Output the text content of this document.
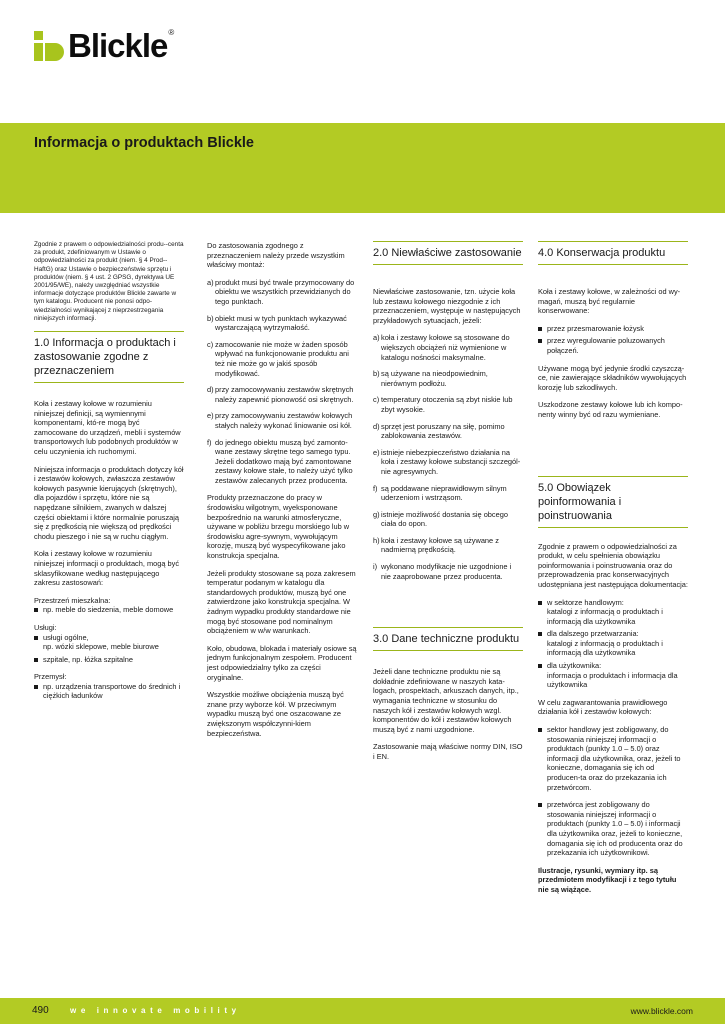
Blickle ®
Informacja o produktach Blickle

Zgodnie z prawem o odpowiedzialności produ--centa za produkt, zdefiniowanym w Ustawie o odpowiedzialności za produkt (niem. § 4 Prod--HaftG) oraz Ustawie o bezpieczeństwie sprzętu i produktów (niem. § 4 ust. 2 GPSG, dyrektywa UE 2001/95/WE), należy uwzględniać wszystkie informacje dotyczące produktów Blickle zawarte w tym katalogu. Producent nie ponosi odpo-wiedzialności wynikającej z nieprzestrzegania niniejszych informacji.

1.0 Informacja o produktach i zastosowanie zgodne z przeznaczeniem

Koła i zestawy kołowe w rozumieniu niniejszej definicji, są wymiennymi komponentami, któ-re mogą być zamocowane do urządzeń, mebli i systemów transportowych lub podobnych produktów w celu uczynienia ich ruchomymi.

Niniejsza informacja o produktach dotyczy kół i zestawów kołowych, zwłaszcza zestawów kołowych pasywnie kierujących (skrętnych), dla pojazdów i sprzętu, które nie są napędzane silnikiem, zwanych w dalszej części obiektami i które normalnie poruszają się z prędkością nie większą od prędkości chodu pieszego i nie są w ruchu ciągłym.

Koła i zestawy kołowe w rozumieniu niniejszej informacji o produktach, mogą być sklasyfikowane według następującego zakresu zastosowań:

Przestrzeń mieszkalna:
np. meble do siedzenia, meble domowe
Usługi:
usługi ogólne,
np. wózki sklepowe, meble biurowe
szpitale, np. łóżka szpitalne
Przemysł:
np. urządzenia transportowe do średnich i ciężkich ładunków

Do zastosowania zgodnego z przeznaczeniem należy przede wszystkim właściwy montaż:

a) produkt musi być trwale przymocowany do obiektu we wszystkich przewidzianych do tego punktach.
b) obiekt musi w tych punktach wykazywać wystarczającą wytrzymałość.
c) zamocowanie nie może w żaden sposób wpływać na funkcjonowanie produktu ani też nie może go w jakiś sposób modyfikować.
d) przy zamocowywaniu zestawów skrętnych należy zapewnić pionowość osi skrętnych.
e) przy zamocowywaniu zestawów kołowych stałych należy wykonać liniowanie osi kół.
f) do jednego obiektu muszą być zamonto-wane zestawy skrętne tego samego typu. Jeżeli dodatkowo mają być zamontowane zestawy kołowe stałe, to należy użyć tylko zestawów zalecanych przez producenta.

Produkty przeznaczone do pracy w środowisku wilgotnym, wyeksponowane bezpośrednio na warunki atmosferyczne, używane w pobliżu brzegu morskiego lub w środowisku agre-sywnym, wywołującym korozję, muszą być wyspecyfikowane jako konstrukcja specjalna.

Jeżeli produkty stosowane są poza zakresem temperatur podanym w katalogu dla standardowych produktów, muszą być one zatwierdzone jako konstrukcja specjalna. W żadnym wypadku produkty standardowe nie mogą być stosowane pod nominalnym obciążeniem w w/w warunkach.

Koło, obudowa, blokada i materiały osiowe są jednym funkcjonalnym zespołem. Producent jest odpowiedzialny tylko za części oryginalne.

Wszystkie możliwe obciążenia muszą być znane przy wyborze kół. W przeciwnym wypadku muszą być one oszacowane ze zwiększonym współczynni-kiem bezpieczeństwa.

2.0 Niewłaściwe zastosowanie

Niewłaściwe zastosowanie, tzn. użycie koła lub zestawu kołowego niezgodnie z ich przeznaczeniem, występuje w następujących przykładowych sytuacjach, jeżeli:

a) koła i zestawy kołowe są stosowane do większych obciążeń niż wymienione w katalogu nośności maksymalne.
b) są używane na nieodpowiednim, nierównym podłożu.
c) temperatury otoczenia są zbyt niskie lub zbyt wysokie.
d) sprzęt jest poruszany na siłę, pomimo zablokowania zestawów.
e) istnieje niebezpieczeństwo działania na koła i zestawy kołowe substancji szczegól-nie agresywnych.
f) są poddawane nieprawidłowym silnym uderzeniom i wstrząsom.
g) istnieje możliwość dostania się obcego ciała do opon.
h) koła i zestawy kołowe są używane z nadmierną prędkością.
i) wykonano modyfikacje nie uzgodnione i nie zaaprobowane przez producenta.
3.0 Dane techniczne produktu

Jeżeli dane techniczne produktu nie są dokładnie zdefiniowane w naszych kata-logach, prospektach, arkuszach danych, itp., wymagania techniczne w stosunku do naszych kół i zestawów kołowych wzgl. komponentów do kół i zestawów kołowych muszą być z nami uzgodnione.

Zastosowanie mają właściwe normy DIN, ISO i EN.

4.0 Konserwacja produktu

Koła i zestawy kołowe, w zależności od wy-magań, muszą być regularnie konserwowane:

przez przesmarowanie łożysk
przez wyregulowanie poluzowanych połączeń.

Używane mogą być jedynie środki czyszczą-ce, nie zawierające składników wywołujących korozję lub szkodliwych.

Uszkodzone zestawy kołowe lub ich kompo-nenty winny być od razu wymieniane.

5.0 Obowiązek poinformowania i poinstruowania

Zgodnie z prawem o odpowiedzialności za produkt, w celu spełnienia obowiązku poinformowania i poinstruowania oraz do przeprowadzenia prac konserwacyjnych udostępniana jest następująca dokumentacja:

w sektorze handlowym:
katalogi z informacją o produktach i informacją dla użytkownika
dla dalszego przetwarzania:
katalogi z informacją o produktach i informacją dla użytkownika
dla użytkownika:
informacja o produktach i informacja dla użytkownika

W celu zagwarantowania prawidłowego działania kół i zestawów kołowych:

sektor handlowy jest zobligowany, do stosowania niniejszej informacji o produktach (punkty 1.0 – 5.0) oraz informacji dla użytkownika, oraz, jeżeli to konieczne, domagania się ich od producen-ta oraz do przekazania ich przetwórcom.
przetwórca jest zobligowany do stosowania niniejszej informacji o produktach (punkty 1.0 – 5.0) i informacji dla użytkownika oraz, jeżeli to konieczne, domagania się ich od producenta oraz do przekazania ich użytkownikowi.

Ilustracje, rysunki, wymiary itp. są przedmiotem modyfikacji i z tego tytułu nie są wiążące.

490	we innovate mobility	www.blickle.com
